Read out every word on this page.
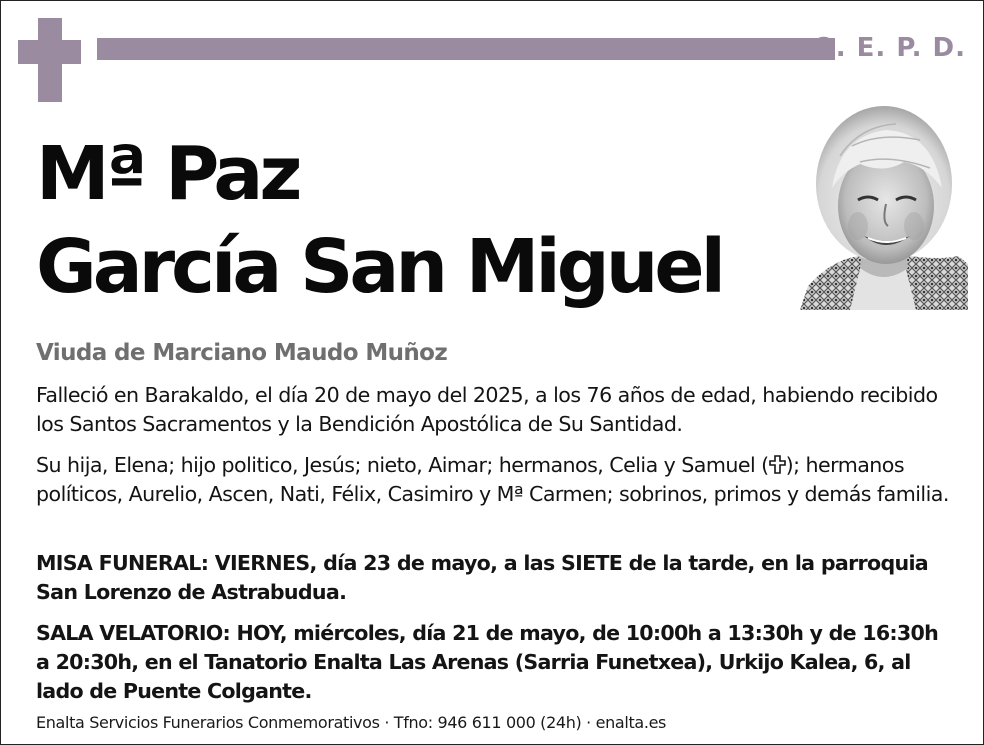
Q. E. P. D.
Mª Paz
García San Miguel
Viuda de Marciano Maudo Muñoz

Falleció en Barakaldo, el día 20 de mayo del 2025, a los 76 años de edad, habiendo recibido los Santos Sacramentos y la Bendición Apostólica de Su Santidad.

Su hija, Elena; hijo politico, Jesús; nieto, Aimar; hermanos, Celia y Samuel ( ); hermanos políticos, Aurelio, Ascen, Nati, Félix, Casimiro y Mª Carmen; sobrinos, primos y demás familia.

MISA FUNERAL: VIERNES, día 23 de mayo, a las SIETE de la tarde, en la parroquia San Lorenzo de Astrabudua.

SALA VELATORIO: HOY, miércoles, día 21 de mayo, de 10:00h a 13:30h y de 16:30h a 20:30h, en el Tanatorio Enalta Las Arenas (Sarria Funetxea), Urkijo Kalea, 6, al lado de Puente Colgante.

Enalta Servicios Funerarios Conmemorativos · Tfno: 946 611 000 (24h) · enalta.es
